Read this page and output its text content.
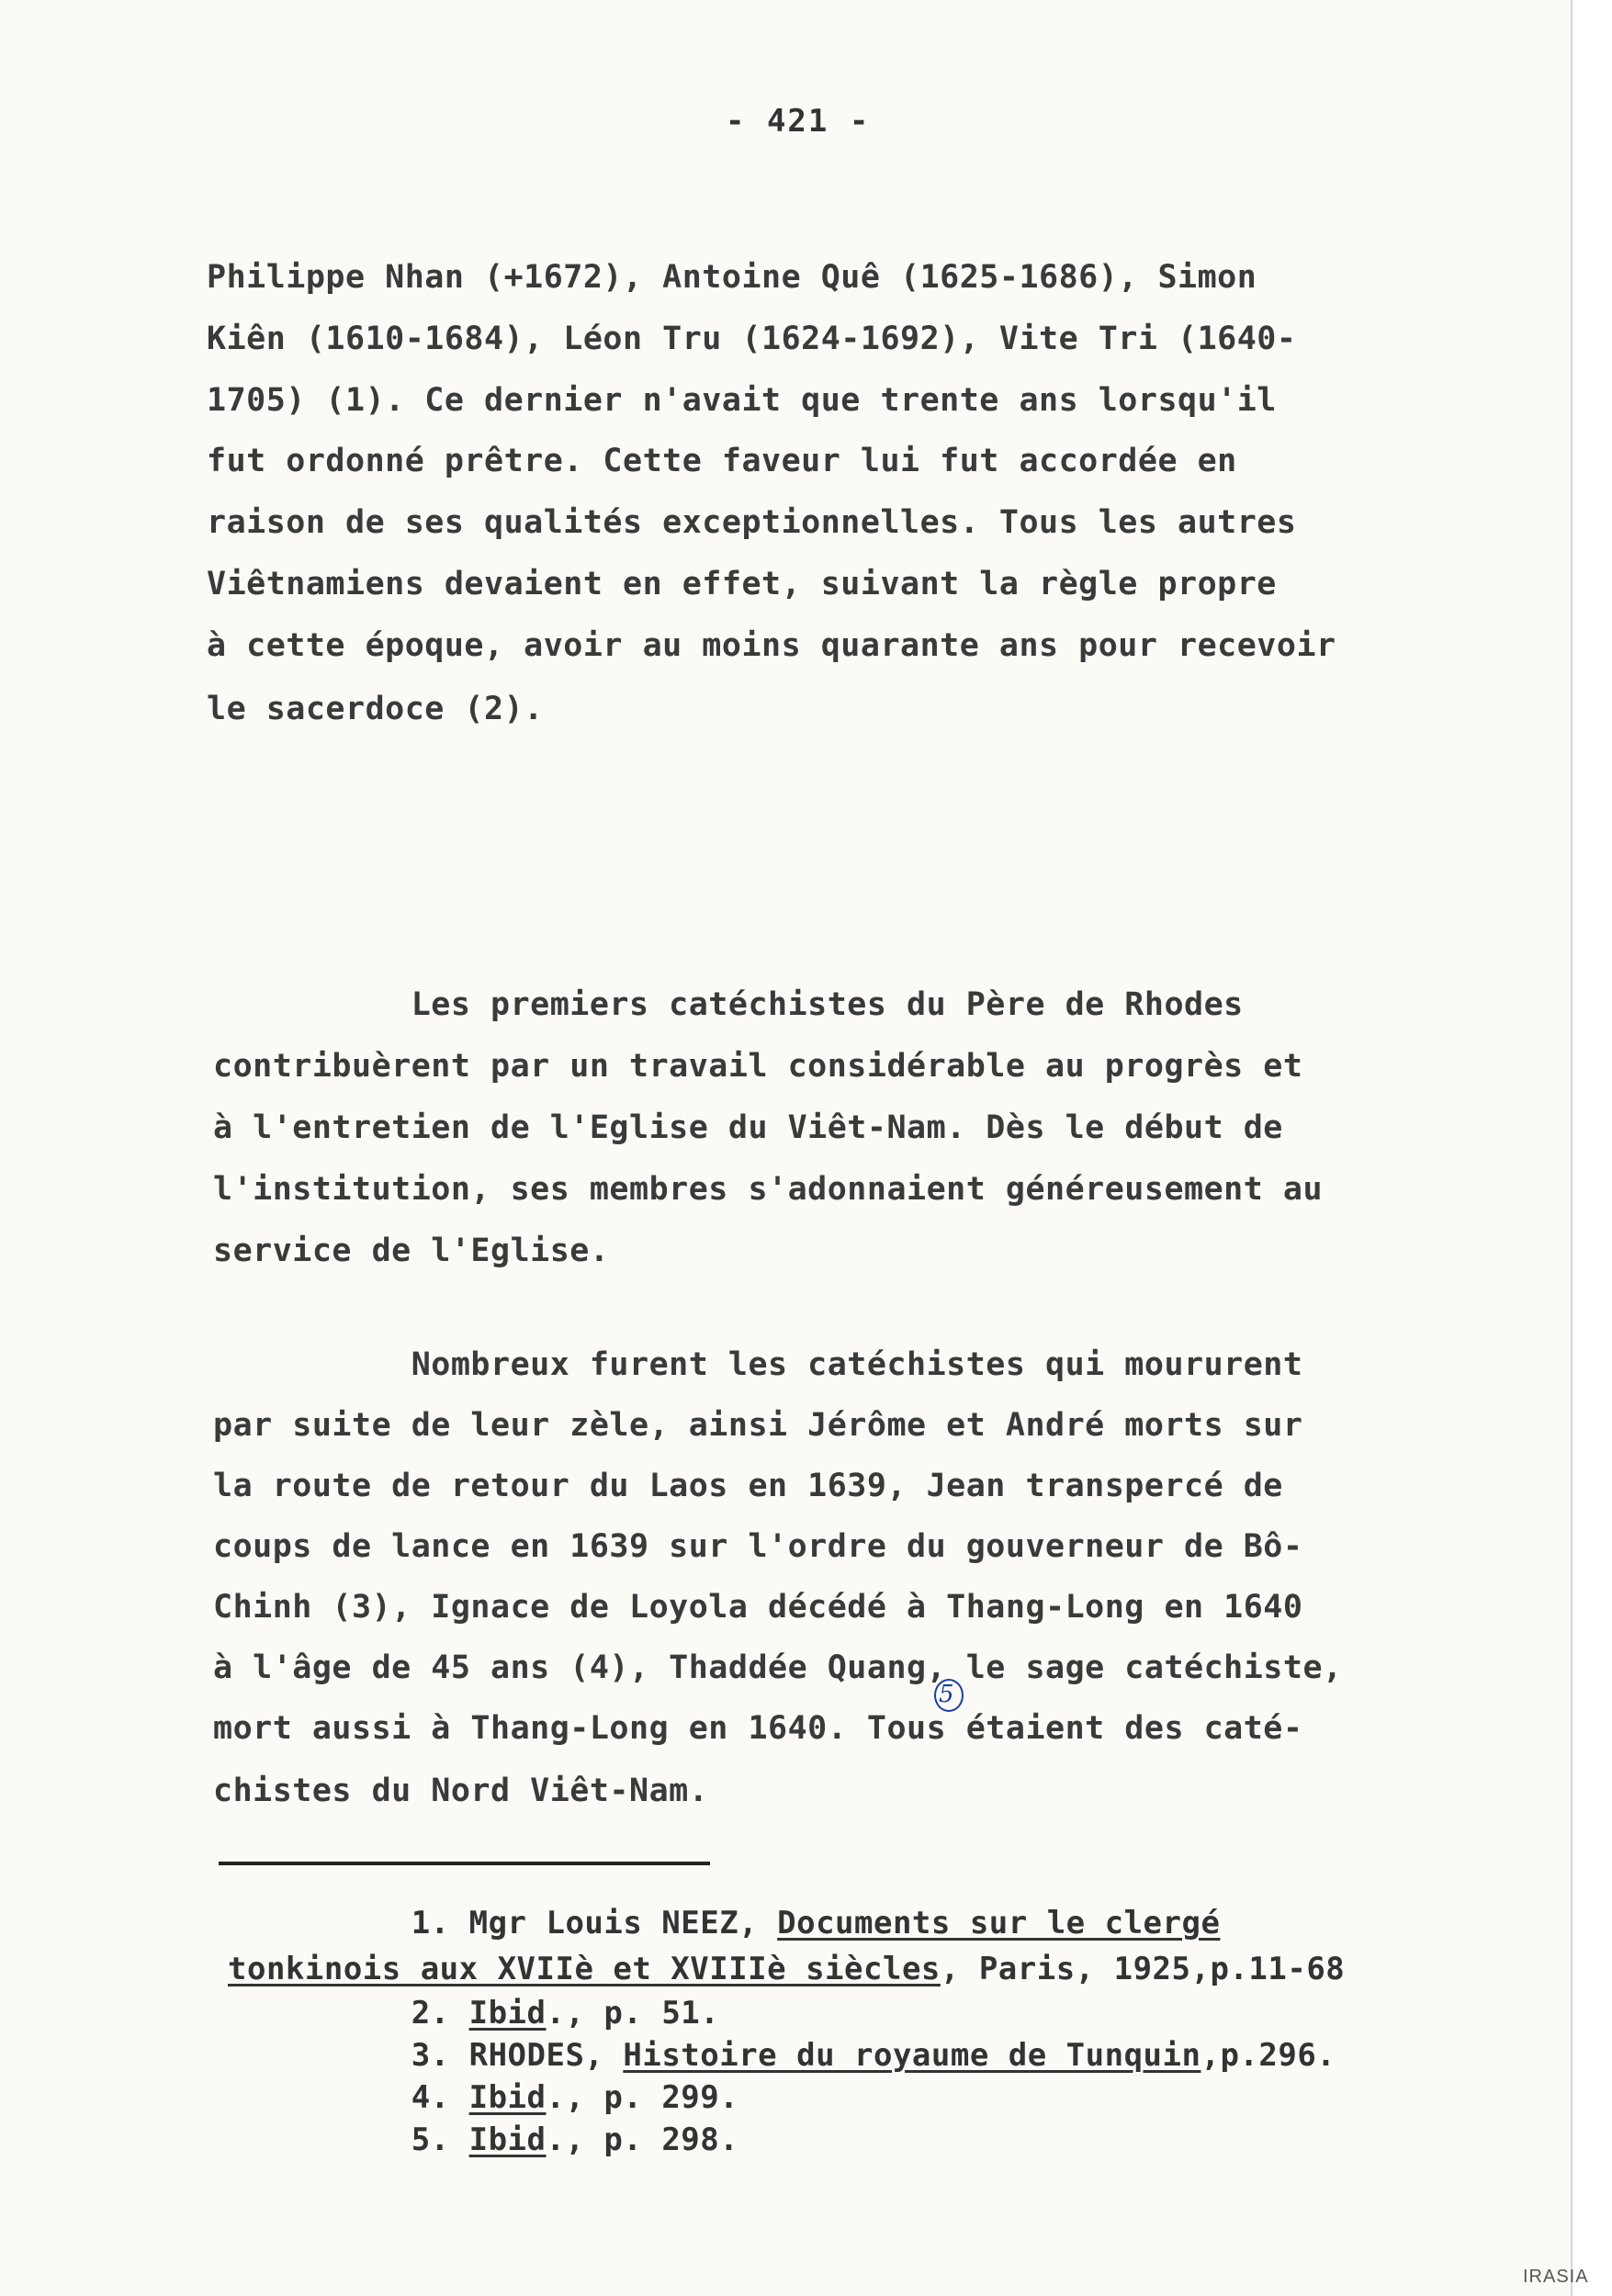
- 421 -
Philippe Nhan (+1672), Antoine Quê (1625-1686), Simon
Kiên (1610-1684), Léon Tru (1624-1692), Vite Tri (1640-
1705) (1). Ce dernier n'avait que trente ans lorsqu'il
fut ordonné prêtre. Cette faveur lui fut accordée en
raison de ses qualités exceptionnelles. Tous les autres
Viêtnamiens devaient en effet, suivant la règle propre
à cette époque, avoir au moins quarante ans pour recevoir
le sacerdoce (2).
Les premiers catéchistes du Père de Rhodes
contribuèrent par un travail considérable au progrès et
à l'entretien de l'Eglise du Viêt-Nam. Dès le début de
l'institution, ses membres s'adonnaient généreusement au
service de l'Eglise.
Nombreux furent les catéchistes qui moururent
par suite de leur zèle, ainsi Jérôme et André morts sur
la route de retour du Laos en 1639, Jean transpercé de
coups de lance en 1639 sur l'ordre du gouverneur de Bô-
Chinh (3), Ignace de Loyola décédé à Thang-Long en 1640
à l'âge de 45 ans (4), Thaddée Quang, le sage catéchiste,
mort aussi à Thang-Long en 1640. Tous étaient des caté-
chistes du Nord Viêt-Nam.
5
1. Mgr Louis NEEZ, Documents sur le clergé
tonkinois aux XVIIè et XVIIIè siècles, Paris, 1925,p.11-68
2. Ibid., p. 51.
3. RHODES, Histoire du royaume de Tunquin,p.296.
4. Ibid., p. 299.
5. Ibid., p. 298.
IRASIA
